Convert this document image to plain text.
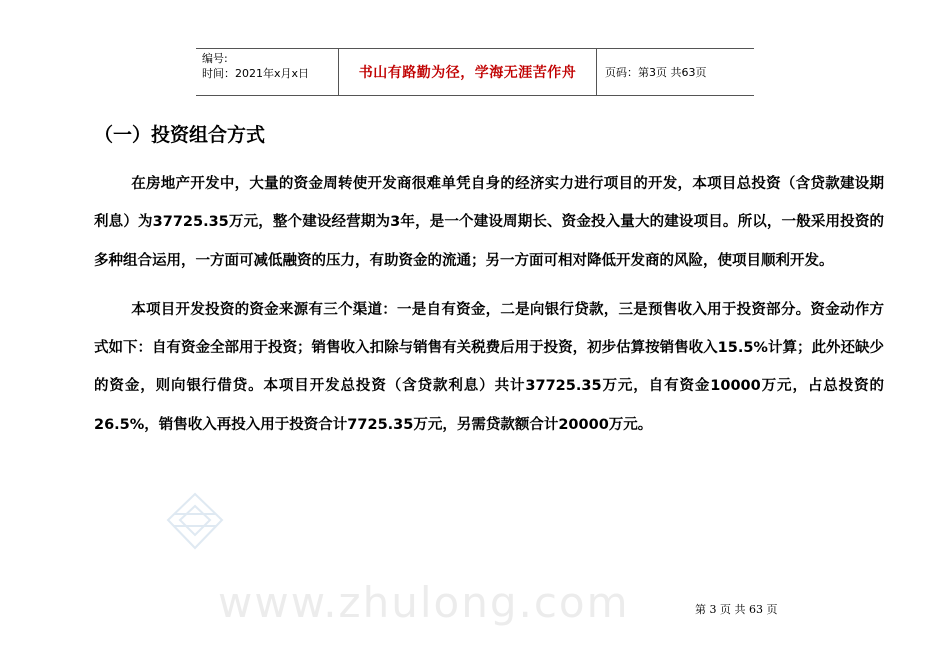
编号:
时间：2021年x月x日	书山有路勤为径，学海无涯苦作舟	页码：第3页 共63页
（一）投资组合方式

在房地产开发中，大量的资金周转使开发商很难单凭自身的经济实力进行项目的开发，本项目总投资（含贷款建设期利息）为37725.35万元，整个建设经营期为3年，是一个建设周期长、资金投入量大的建设项目。所以，一般采用投资的多种组合运用，一方面可减低融资的压力，有助资金的流通；另一方面可相对降低开发商的风险，使项目顺利开发。

本项目开发投资的资金来源有三个渠道：一是自有资金，二是向银行贷款，三是预售收入用于投资部分。资金动作方式如下：自有资金全部用于投资；销售收入扣除与销售有关税费后用于投资，初步估算按销售收入15.5%计算；此外还缺少的资金，则向银行借贷。本项目开发总投资（含贷款利息）共计37725.35万元，自有资金10000万元，占总投资的26.5%，销售收入再投入用于投资合计7725.35万元，另需贷款额合计20000万元。

www.zhulong.com	第 3 页 共 63 页
